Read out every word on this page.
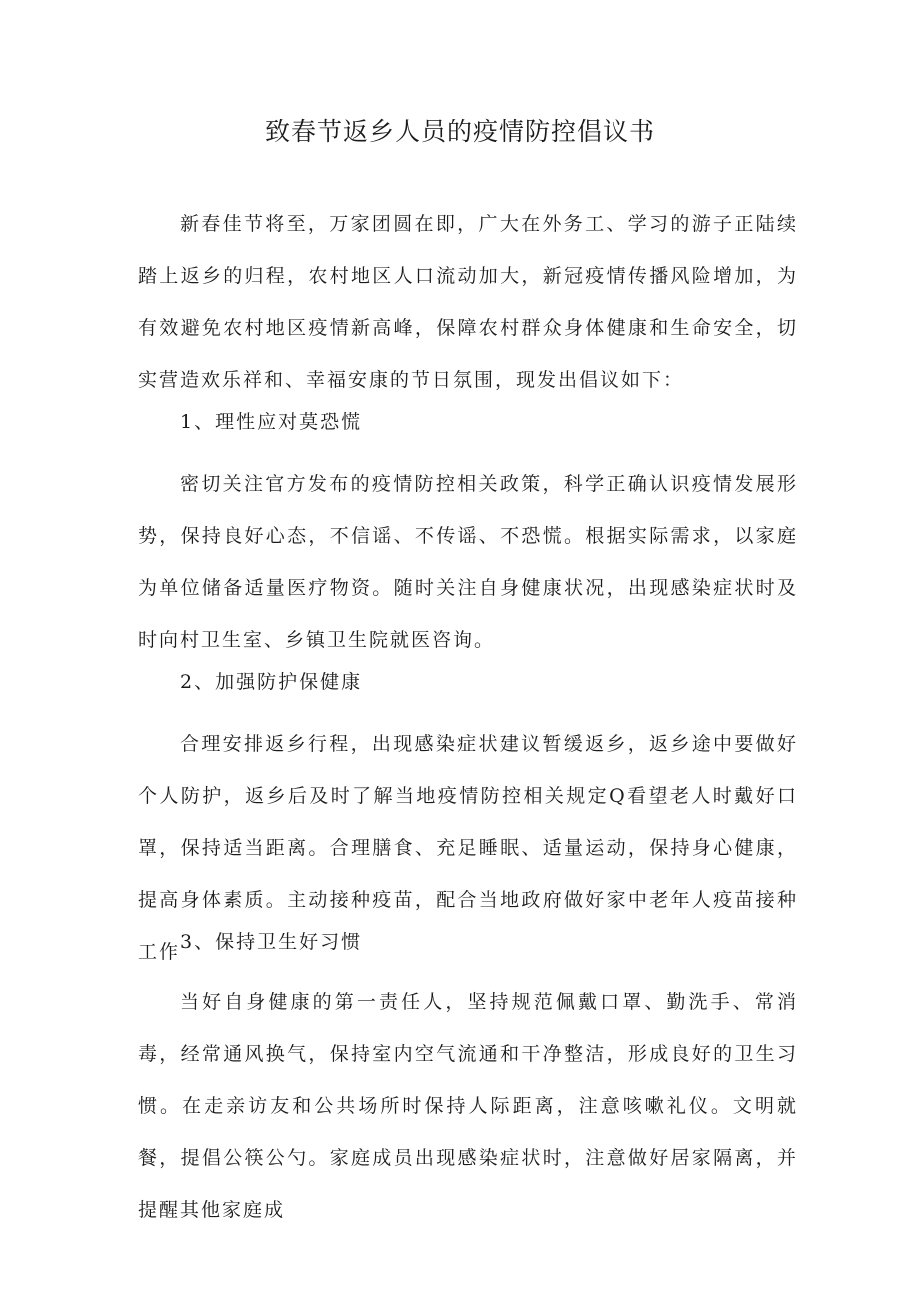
致春节返乡人员的疫情防控倡议书

新春佳节将至，万家团圆在即，广大在外务工、学习的游子正陆续踏上返乡的归程，农村地区人口流动加大，新冠疫情传播风险增加，为有效避免农村地区疫情新高峰，保障农村群众身体健康和生命安全，切实营造欢乐祥和、幸福安康的节日氛围，现发出倡议如下：

1、理性应对莫恐慌

密切关注官方发布的疫情防控相关政策，科学正确认识疫情发展形势，保持良好心态，不信谣、不传谣、不恐慌。根据实际需求，以家庭为单位储备适量医疗物资。随时关注自身健康状况，出现感染症状时及时向村卫生室、乡镇卫生院就医咨询。

2、加强防护保健康

合理安排返乡行程，出现感染症状建议暂缓返乡，返乡途中要做好个人防护，返乡后及时了解当地疫情防控相关规定Q看望老人时戴好口罩，保持适当距离。合理膳食、充足睡眠、适量运动，保持身心健康，提高身体素质。主动接种疫苗，配合当地政府做好家中老年人疫苗接种工作 3、保持卫生好习惯

当好自身健康的第一责任人，坚持规范佩戴口罩、勤洗手、常消毒，经常通风换气，保持室内空气流通和干净整洁，形成良好的卫生习惯。在走亲访友和公共场所时保持人际距离，注意咳嗽礼仪。文明就餐，提倡公筷公勺。家庭成员出现感染症状时，注意做好居家隔离，并提醒其他家庭成
